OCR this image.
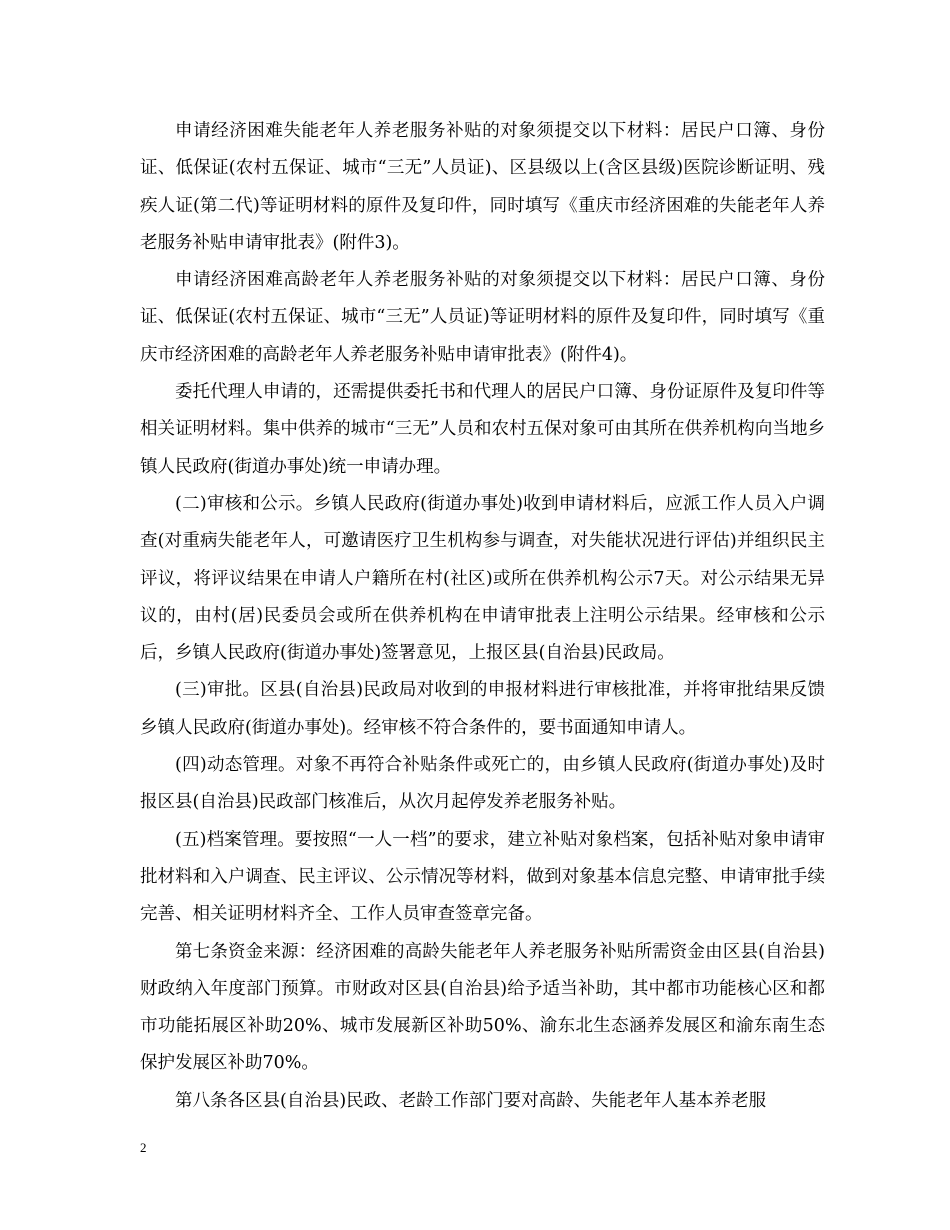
申请经济困难失能老年人养老服务补贴的对象须提交以下材料：居民户口簿、身份证、低保证(农村五保证、城市“三无”人员证)、区县级以上(含区县级)医院诊断证明、残疾人证(第二代)等证明材料的原件及复印件，同时填写《重庆市经济困难的失能老年人养老服务补贴申请审批表》(附件3)。

申请经济困难高龄老年人养老服务补贴的对象须提交以下材料：居民户口簿、身份证、低保证(农村五保证、城市“三无”人员证)等证明材料的原件及复印件，同时填写《重庆市经济困难的高龄老年人养老服务补贴申请审批表》(附件4)。

委托代理人申请的，还需提供委托书和代理人的居民户口簿、身份证原件及复印件等相关证明材料。集中供养的城市“三无”人员和农村五保对象可由其所在供养机构向当地乡镇人民政府(街道办事处)统一申请办理。

(二)审核和公示。乡镇人民政府(街道办事处)收到申请材料后，应派工作人员入户调查(对重病失能老年人，可邀请医疗卫生机构参与调查，对失能状况进行评估)并组织民主评议，将评议结果在申请人户籍所在村(社区)或所在供养机构公示7天。对公示结果无异议的，由村(居)民委员会或所在供养机构在申请审批表上注明公示结果。经审核和公示后，乡镇人民政府(街道办事处)签署意见，上报区县(自治县)民政局。

(三)审批。区县(自治县)民政局对收到的申报材料进行审核批准，并将审批结果反馈乡镇人民政府(街道办事处)。经审核不符合条件的，要书面通知申请人。

(四)动态管理。对象不再符合补贴条件或死亡的，由乡镇人民政府(街道办事处)及时报区县(自治县)民政部门核准后，从次月起停发养老服务补贴。

(五)档案管理。要按照“一人一档”的要求，建立补贴对象档案，包括补贴对象申请审批材料和入户调查、民主评议、公示情况等材料，做到对象基本信息完整、申请审批手续完善、相关证明材料齐全、工作人员审查签章完备。

第七条资金来源：经济困难的高龄失能老年人养老服务补贴所需资金由区县(自治县)财政纳入年度部门预算。市财政对区县(自治县)给予适当补助，其中都市功能核心区和都市功能拓展区补助20%、城市发展新区补助50%、渝东北生态涵养发展区和渝东南生态保护发展区补助70%。

第八条各区县(自治县)民政、老龄工作部门要对高龄、失能老年人基本养老服

2
